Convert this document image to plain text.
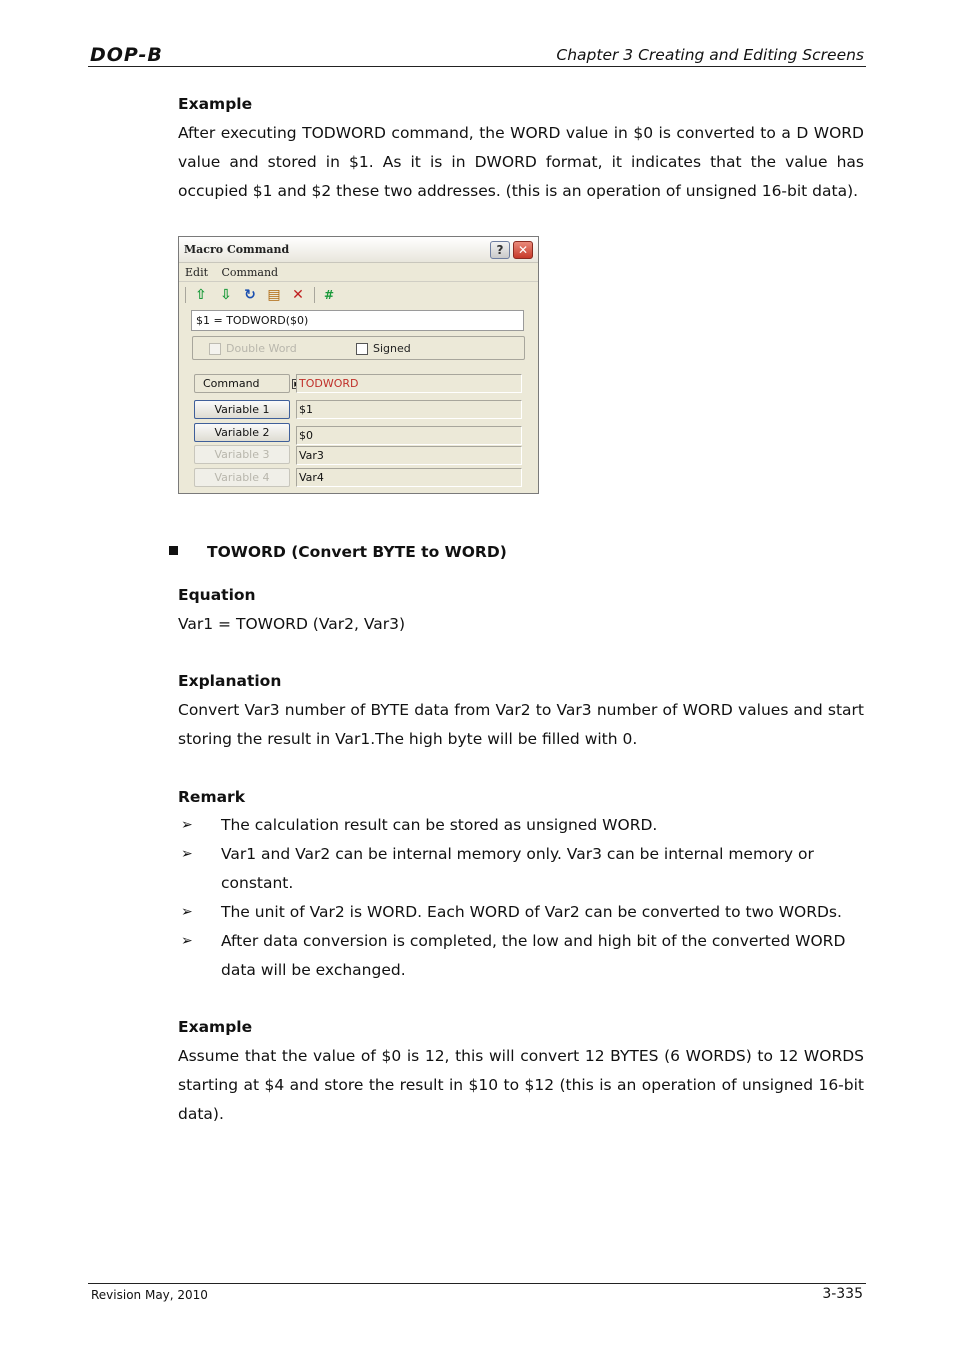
DOP-B	Chapter 3 Creating and Editing Screens
Example
After executing TODWORD command, the WORD value in $0 is converted to a D WORD value and stored in $1. As it is in DWORD format, it indicates that the value has occupied $1 and $2 these two addresses. (this is an operation of unsigned 16-bit data).
Macro Command	?	✕
Edit Command
⇧ ⇩ ↻ ▤ ✕	#
$1 = TODWORD($0)
Double Word	Signed
Command	TODWORD
Variable 1	$1
Variable 2	$0
Variable 3	Var3
Variable 4	Var4
TOWORD (Convert BYTE to WORD)
Equation
Var1 = TOWORD (Var2, Var3)
Explanation
Convert Var3 number of BYTE data from Var2 to Var3 number of WORD values and start storing the result in Var1.The high byte will be filled with 0.
Remark
➢ The calculation result can be stored as unsigned WORD.
➢ Var1 and Var2 can be internal memory only. Var3 can be internal memory or constant.
➢ The unit of Var2 is WORD. Each WORD of Var2 can be converted to two WORDs.
➢ After data conversion is completed, the low and high bit of the converted WORD data will be exchanged.
Example
Assume that the value of $0 is 12, this will convert 12 BYTES (6 WORDS) to 12 WORDS starting at $4 and store the result in $10 to $12 (this is an operation of unsigned 16-bit data).
Revision May, 2010	3-335
